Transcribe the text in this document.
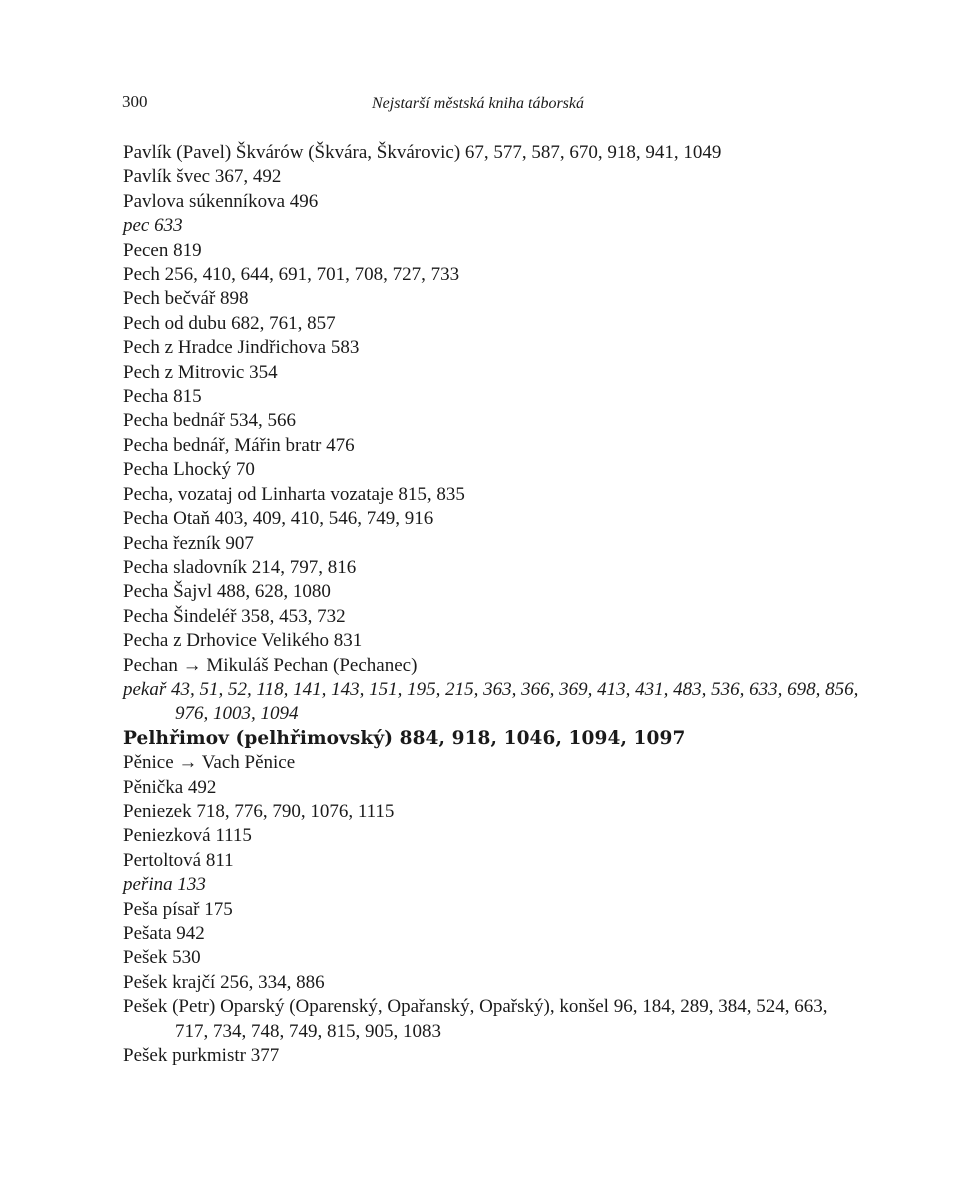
300	Nejstarší městská kniha táborská
Pavlík (Pavel) Škvárów (Škvára, Škvárovic) 67, 577, 587, 670, 918, 941, 1049
Pavlík švec 367, 492
Pavlova súkenníkova 496
pec 633
Pecen 819
Pech 256, 410, 644, 691, 701, 708, 727, 733
Pech bečvář 898
Pech od dubu 682, 761, 857
Pech z Hradce Jindřichova 583
Pech z Mitrovic 354
Pecha 815
Pecha bednář 534, 566
Pecha bednář, Mářin bratr 476
Pecha Lhocký 70
Pecha, vozataj od Linharta vozataje 815, 835
Pecha Otaň 403, 409, 410, 546, 749, 916
Pecha řezník 907
Pecha sladovník 214, 797, 816
Pecha Šajvl 488, 628, 1080
Pecha Šindeléř 358, 453, 732
Pecha z Drhovice Velikého 831
Pechan → Mikuláš Pechan (Pechanec)
pekař 43, 51, 52, 118, 141, 143, 151, 195, 215, 363, 366, 369, 413, 431, 483, 536, 633, 698, 856, 976, 1003, 1094
Pelhřimov (pelhřimovský) 884, 918, 1046, 1094, 1097
Pěnice → Vach Pěnice
Pěnička 492
Peniezek 718, 776, 790, 1076, 1115
Peniezková 1115
Pertoltová 811
peřina 133
Peša písař 175
Pešata 942
Pešek 530
Pešek krajčí 256, 334, 886
Pešek (Petr) Oparský (Oparenský, Opařanský, Opařský), konšel 96, 184, 289, 384, 524, 663, 717, 734, 748, 749, 815, 905, 1083
Pešek purkmistr 377
